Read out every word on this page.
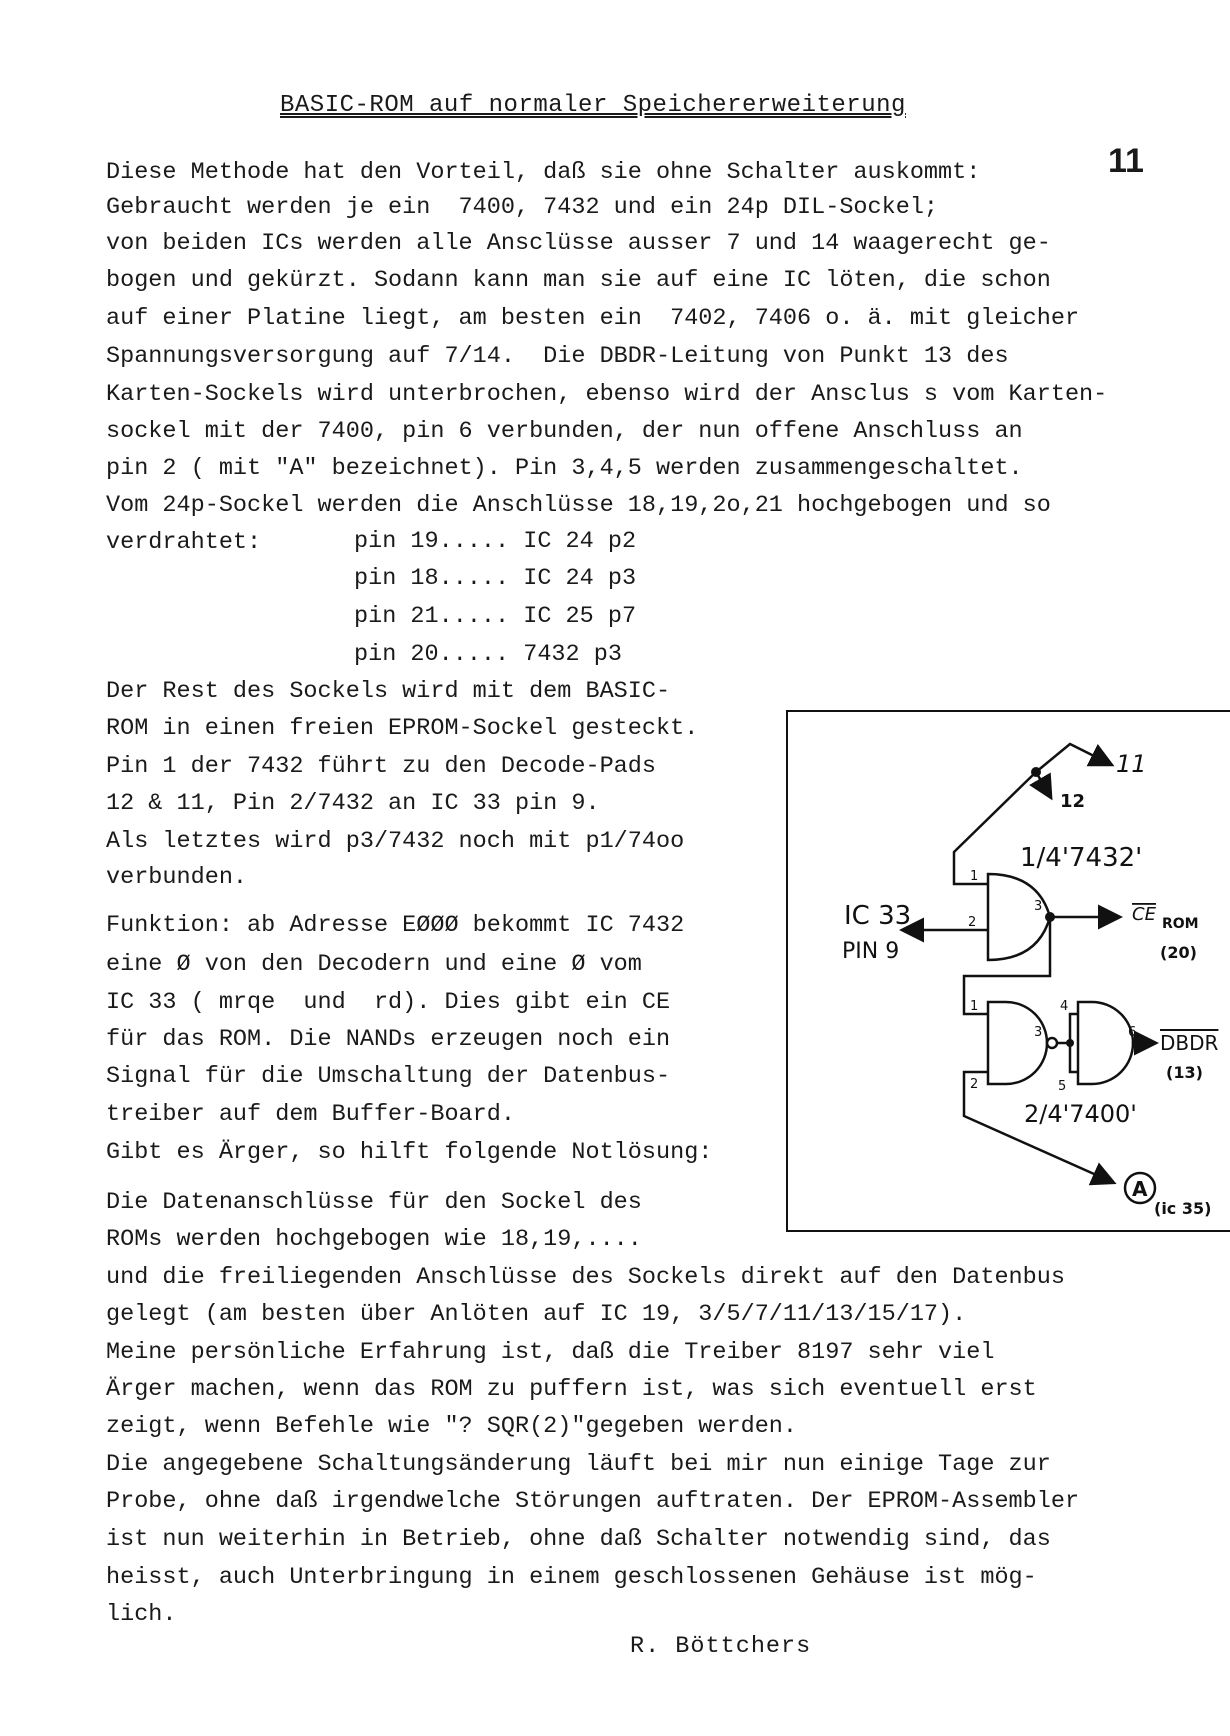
BASIC-ROM auf normaler Speichererweiterung
11
Diese Methode hat den Vorteil, daß sie ohne Schalter auskommt:
Gebraucht werden je ein  7400, 7432 und ein 24p DIL-Sockel;
von beiden ICs werden alle Ansclüsse ausser 7 und 14 waagerecht ge-
bogen und gekürzt. Sodann kann man sie auf eine IC löten, die schon
auf einer Platine liegt, am besten ein  7402, 7406 o. ä. mit gleicher
Spannungsversorgung auf 7/14.  Die DBDR-Leitung von Punkt 13 des
Karten-Sockels wird unterbrochen, ebenso wird der Ansclus s vom Karten-
sockel mit der 7400, pin 6 verbunden, der nun offene Anschluss an
pin 2 ( mit "A" bezeichnet). Pin 3,4,5 werden zusammengeschaltet.
Vom 24p-Sockel werden die Anschlüsse 18,19,2o,21 hochgebogen und so
verdrahtet:	pin 19..... IC 24 p2
pin 18..... IC 24 p3
pin 21..... IC 25 p7
pin 20..... 7432 p3
Der Rest des Sockels wird mit dem BASIC-
ROM in einen freien EPROM-Sockel gesteckt.
Pin 1 der 7432 führt zu den Decode-Pads
12 & 11, Pin 2/7432 an IC 33 pin 9.
Als letztes wird p3/7432 noch mit p1/74oo
verbunden.
Funktion: ab Adresse EØØØ bekommt IC 7432
eine Ø von den Decodern und eine Ø vom
IC 33 ( mrqe  und  rd). Dies gibt ein CE
für das ROM. Die NANDs erzeugen noch ein
Signal für die Umschaltung der Datenbus-
treiber auf dem Buffer-Board.
Gibt es Ärger, so hilft folgende Notlösung:
Die Datenanschlüsse für den Sockel des
ROMs werden hochgebogen wie 18,19,....
und die freiliegenden Anschlüsse des Sockels direkt auf den Datenbus
gelegt (am besten über Anlöten auf IC 19, 3/5/7/11/13/15/17).
Meine persönliche Erfahrung ist, daß die Treiber 8197 sehr viel
Ärger machen, wenn das ROM zu puffern ist, was sich eventuell erst
zeigt, wenn Befehle wie "? SQR(2)"gegeben werden.
Die angegebene Schaltungsänderung läuft bei mir nun einige Tage zur
Probe, ohne daß irgendwelche Störungen auftraten. Der EPROM-Assembler
ist nun weiterhin in Betrieb, ohne daß Schalter notwendig sind, das
heisst, auch Unterbringung in einem geschlossenen Gehäuse ist mög-
lich.
R. Böttchers
11
12
1/4'7432'
1
2
3
IC 33
PIN 9
CE ROM
(20)
1
2
3
4
5
6 DBDR
(13)
2/4'7400'
A
(ic 35)
